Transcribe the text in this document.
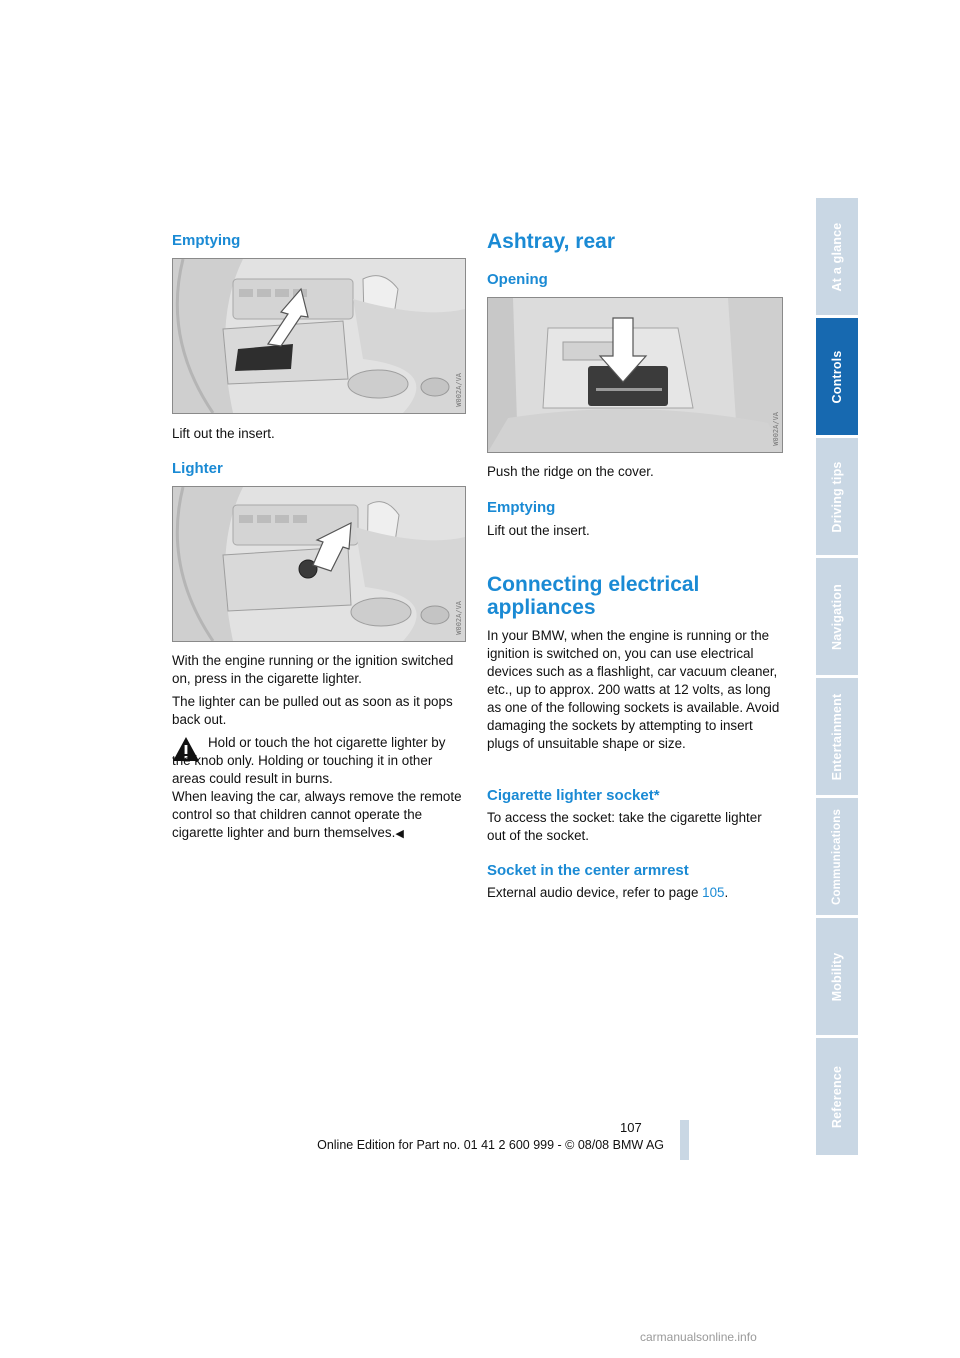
Emptying
W002A/VA
Lift out the insert.
Lighter
W002A/VA
With the engine running or the ignition switched on, press in the cigarette lighter.
The lighter can be pulled out as soon as it pops back out.
Hold or touch the hot cigarette lighter by the knob only. Holding or touching it in other areas could result in burns.
When leaving the car, always remove the remote control so that children cannot operate the cigarette lighter and burn themselves.◀
Ashtray, rear
Opening
W002A/VA
Push the ridge on the cover.
Emptying
Lift out the insert.
Connecting electrical
appliances
In your BMW, when the engine is running or the ignition is switched on, you can use electrical devices such as a flashlight, car vacuum cleaner, etc., up to approx. 200 watts at 12 volts, as long as one of the following sockets is available. Avoid damaging the sockets by attempting to insert plugs of unsuitable shape or size.
Cigarette lighter socket*
To access the socket: take the cigarette lighter out of the socket.
Socket in the center armrest
External audio device, refer to page 105.
At a glance
Controls
Driving tips
Navigation
Entertainment
Communications
Mobility
Reference
107
Online Edition for Part no. 01 41 2 600 999 - © 08/08 BMW AG
carmanualsonline.info
